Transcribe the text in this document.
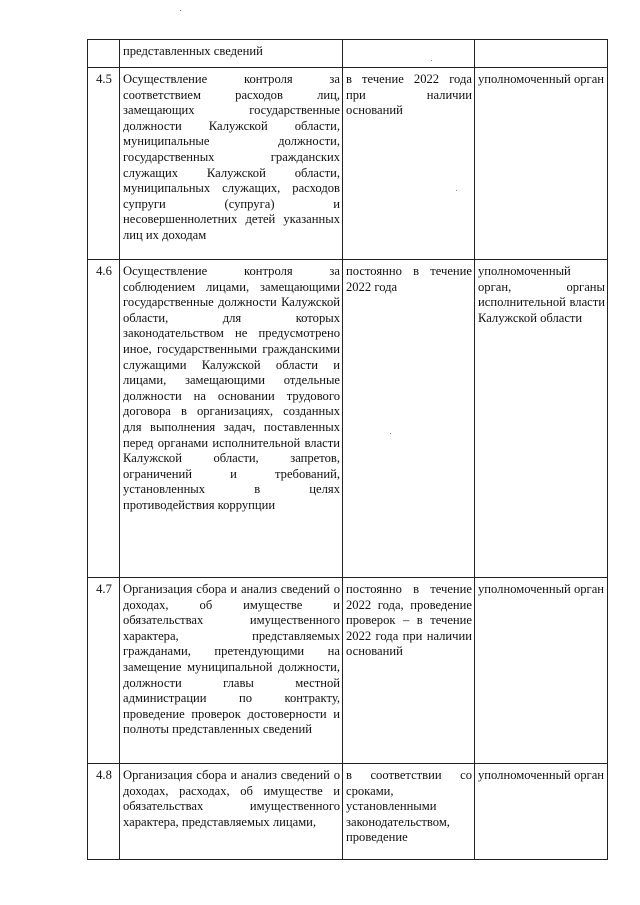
	представленных сведений		

4.5	Осуществление контроля за соответствием расходов лиц, замещающих государственные должности Калужской области, муниципальные должности, государственных гражданских служащих Калужской области, муниципальных служащих, расходов супруги (супруга) и несовершеннолетних детей указанных лиц их доходам	в течение 2022 года при наличии оснований	уполномоченный орган

4.6	Осуществление контроля за соблюдением лицами, замещающими государственные должности Калужской области, для которых законодательством не предусмотрено иное, государственными гражданскими служащими Калужской области и лицами, замещающими отдельные должности на основании трудового договора в организациях, созданных для выполнения задач, поставленных перед органами исполнительной власти Калужской области, запретов, ограничений и требований, установленных в целях противодействия коррупции	постоянно в течение 2022 года	уполномоченный орган, органы исполнительной власти Калужской области

4.7	Организация сбора и анализ сведений о доходах, об имуществе и обязательствах имущественного характера, представляемых гражданами, претендующими на замещение муниципальной должности, должности главы местной администрации по контракту, проведение проверок достоверности и полноты представленных сведений	постоянно в течение 2022 года, проведение проверок – в течение 2022 года при наличии оснований	уполномоченный орган

4.8	Организация сбора и анализ сведений о доходах, расходах, об имуществе и обязательствах имущественного характера, представляемых лицами,	в соответствии со сроками, установленными законодательством, проведение	уполномоченный орган
